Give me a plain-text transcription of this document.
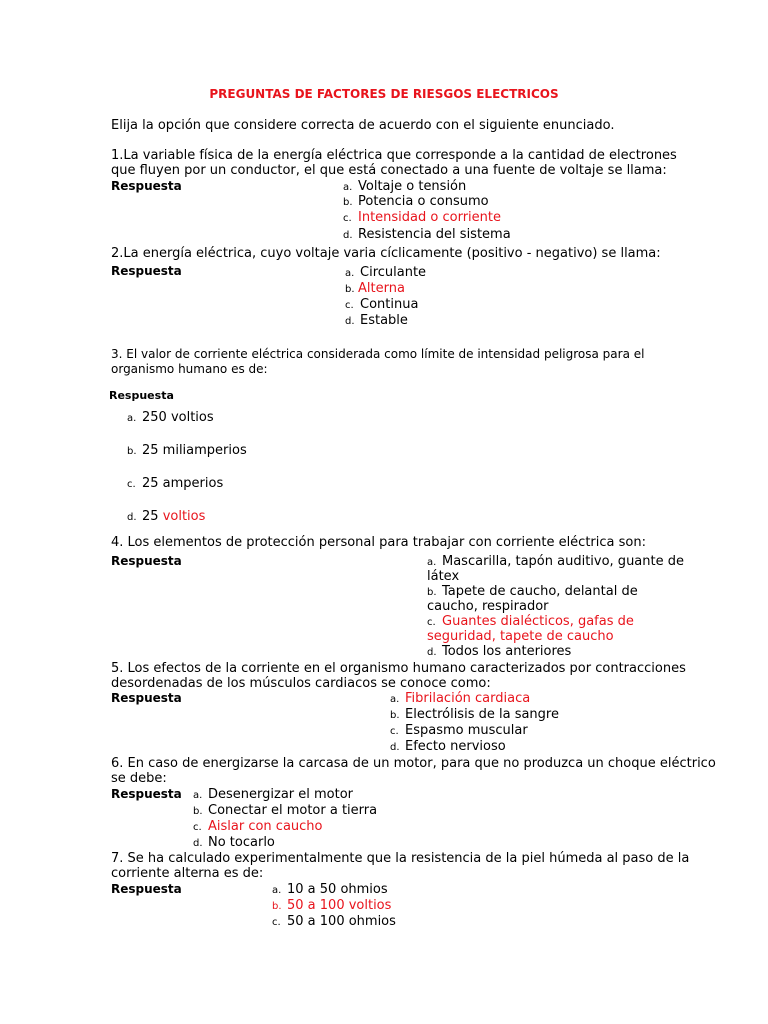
PREGUNTAS DE FACTORES DE RIESGOS ELECTRICOS
Elija la opción que considere correcta de acuerdo con el siguiente enunciado.
1.La variable física de la energía eléctrica que corresponde a la cantidad de electrones
que fluyen por un conductor, el que está conectado a una fuente de voltaje se llama:
Respuesta	a. Voltaje o tensión
b. Potencia o consumo
c. Intensidad o corriente
d. Resistencia del sistema
2.La energía eléctrica, cuyo voltaje varia cíclicamente (positivo - negativo) se llama:
Respuesta	a. Circulante
b. Alterna
c. Continua
d. Estable
3. El valor de corriente eléctrica considerada como límite de intensidad peligrosa para el
organismo humano es de:
Respuesta
a. 250 voltios
b. 25 miliamperios
c. 25 amperios
d. 25 voltios
4. Los elementos de protección personal para trabajar con corriente eléctrica son:
Respuesta	a. Mascarilla, tapón auditivo, guante de
látex
b. Tapete de caucho, delantal de
caucho, respirador
c. Guantes dialécticos, gafas de
seguridad, tapete de caucho
d. Todos los anteriores
5. Los efectos de la corriente en el organismo humano caracterizados por contracciones
desordenadas de los músculos cardiacos se conoce como:
Respuesta	a. Fibrilación cardiaca
b. Electrólisis de la sangre
c. Espasmo muscular
d. Efecto nervioso
6. En caso de energizarse la carcasa de un motor, para que no produzca un choque eléctrico
se debe:
Respuesta a. Desenergizar el motor
b. Conectar el motor a tierra
c. Aislar con caucho
d. No tocarlo
7. Se ha calculado experimentalmente que la resistencia de la piel húmeda al paso de la
corriente alterna es de:
Respuesta	a. 10 a 50 ohmios
b. 50 a 100 voltios
c. 50 a 100 ohmios
